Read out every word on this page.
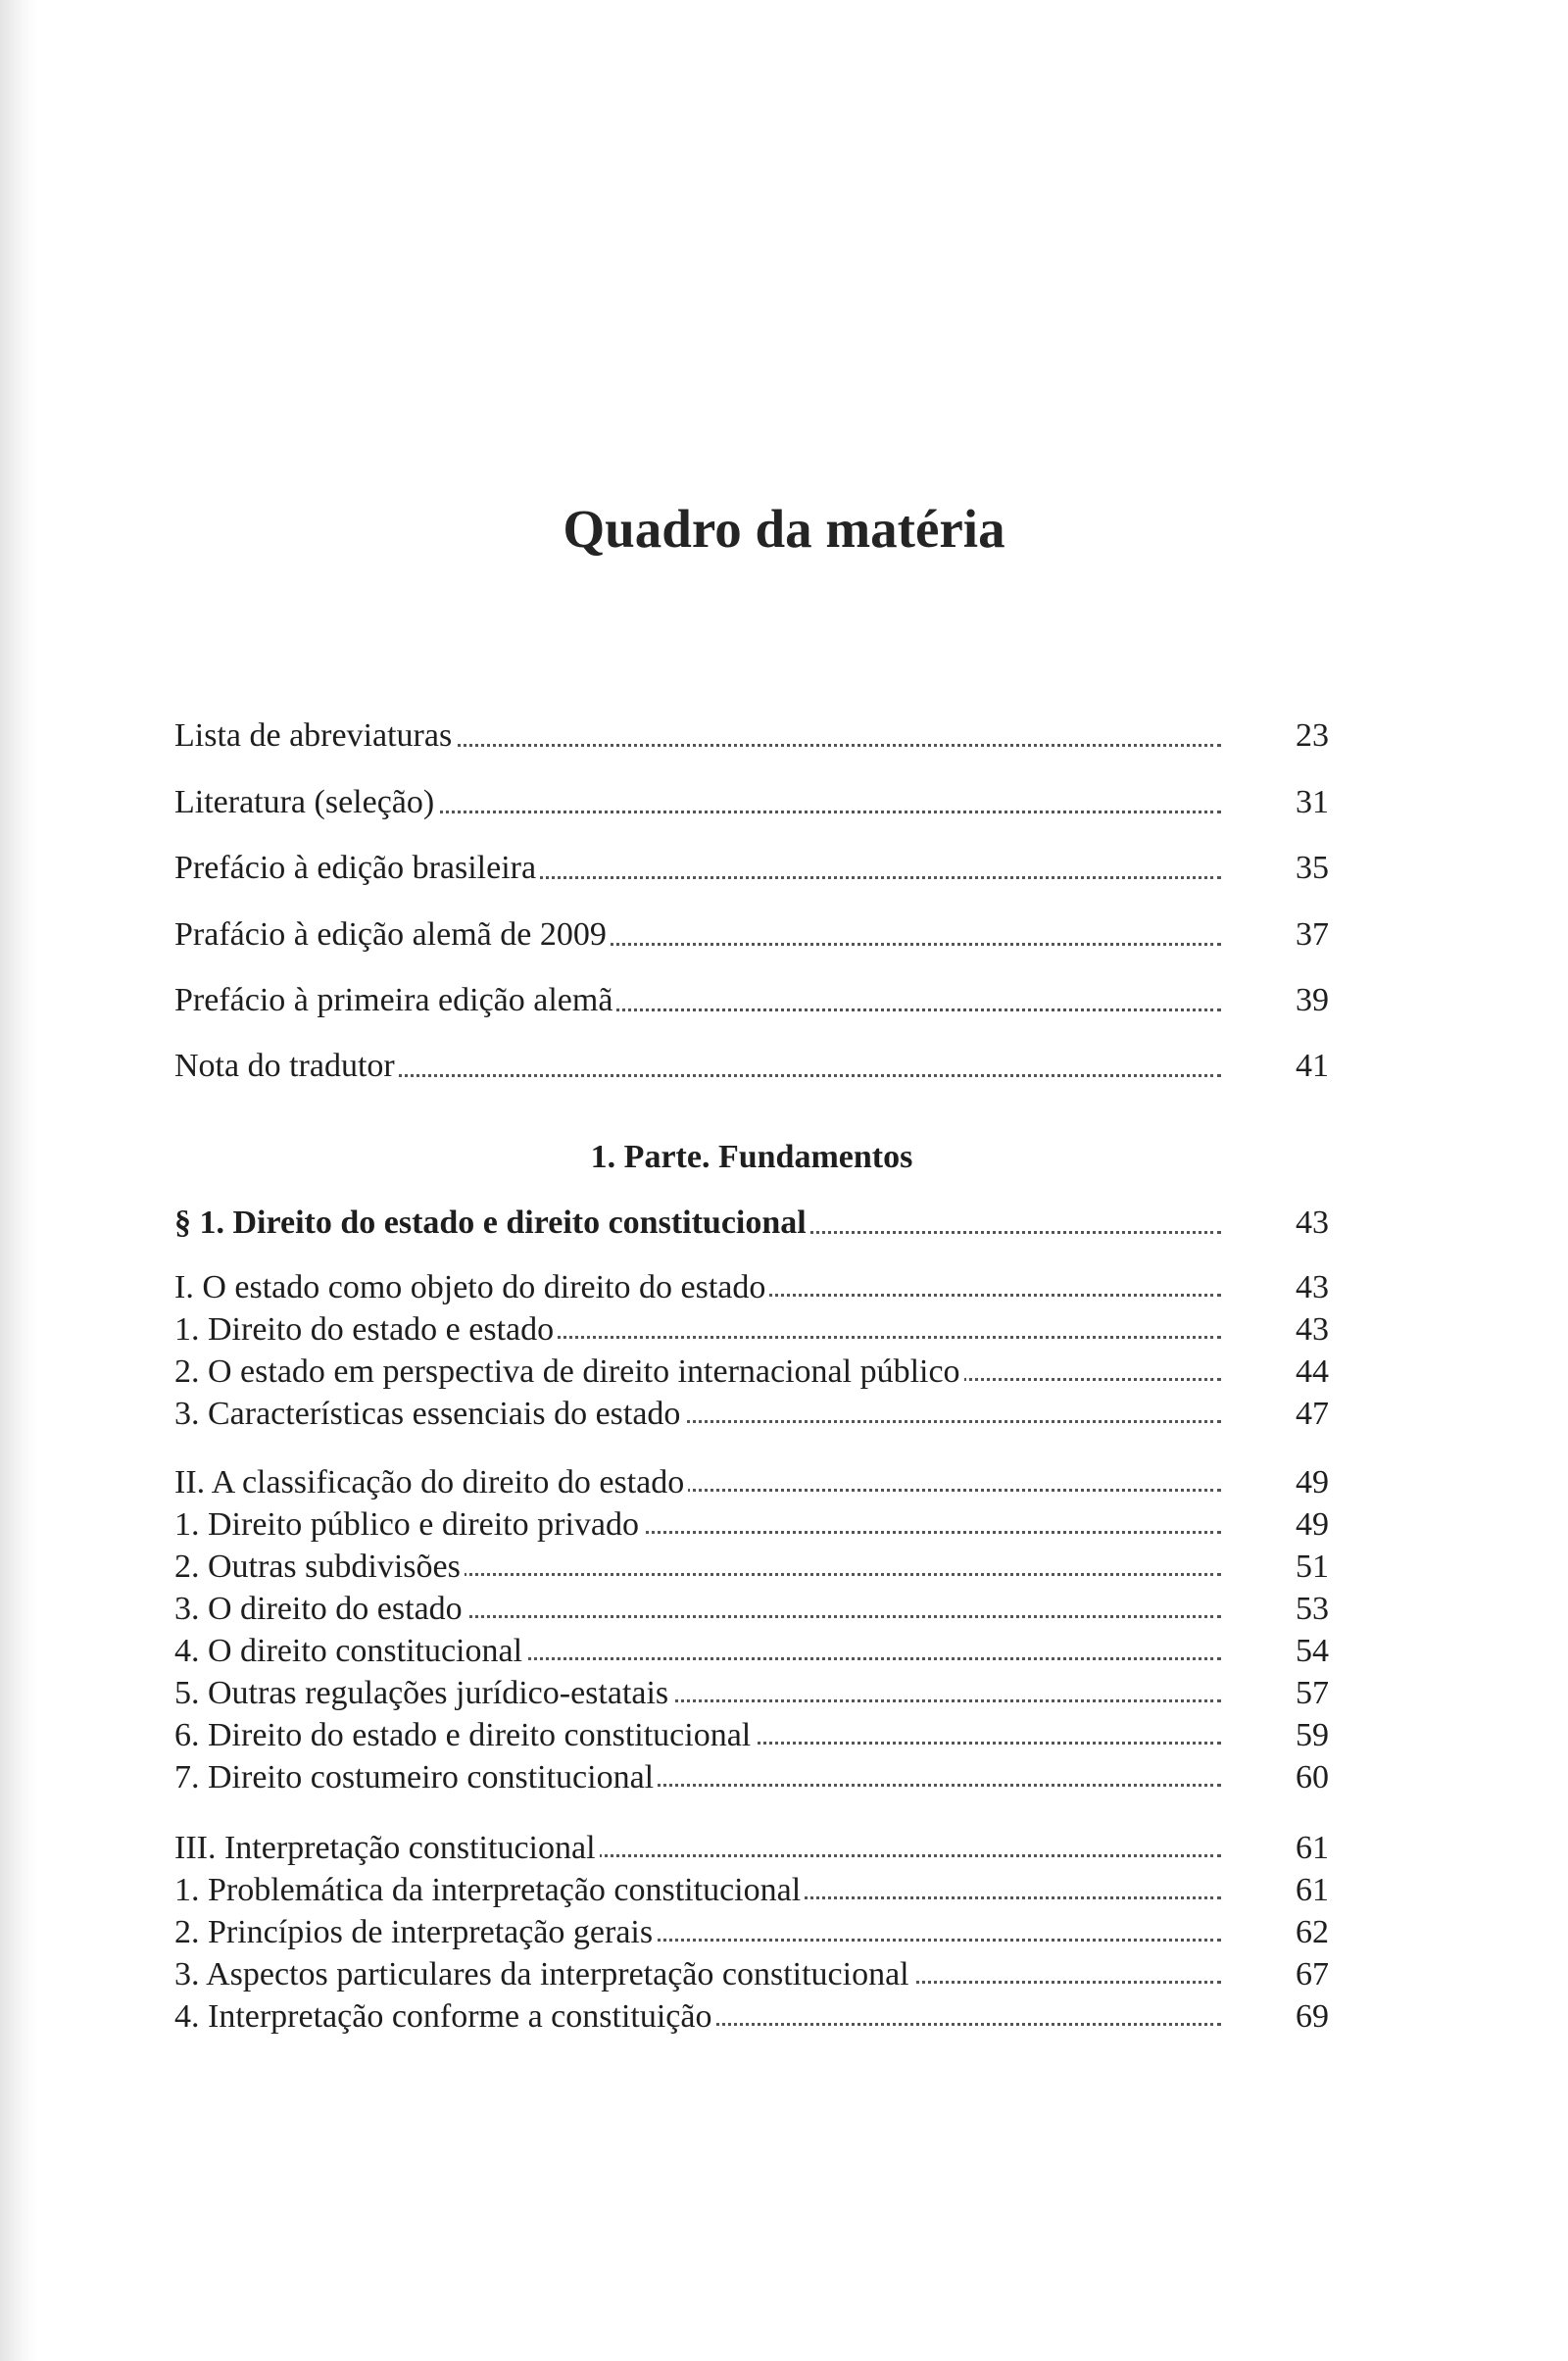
Quadro da matéria
Lista de abreviaturas	23
Literatura (seleção)	31
Prefácio à edição brasileira	35
Prafácio à edição alemã de 2009	37
Prefácio à primeira edição alemã	39
Nota do tradutor	41
1. Parte. Fundamentos
§ 1. Direito do estado e direito constitucional	43
I. O estado como objeto do direito do estado	43
1. Direito do estado e estado	43
2. O estado em perspectiva de direito internacional público	44
3. Características essenciais do estado	47
II. A classificação do direito do estado	49
1. Direito público e direito privado	49
2. Outras subdivisões	51
3. O direito do estado	53
4. O direito constitucional	54
5. Outras regulações jurídico-estatais	57
6. Direito do estado e direito constitucional	59
7. Direito costumeiro constitucional	60
III. Interpretação constitucional	61
1. Problemática da interpretação constitucional	61
2. Princípios de interpretação gerais	62
3. Aspectos particulares da interpretação constitucional	67
4. Interpretação conforme a constituição	69
